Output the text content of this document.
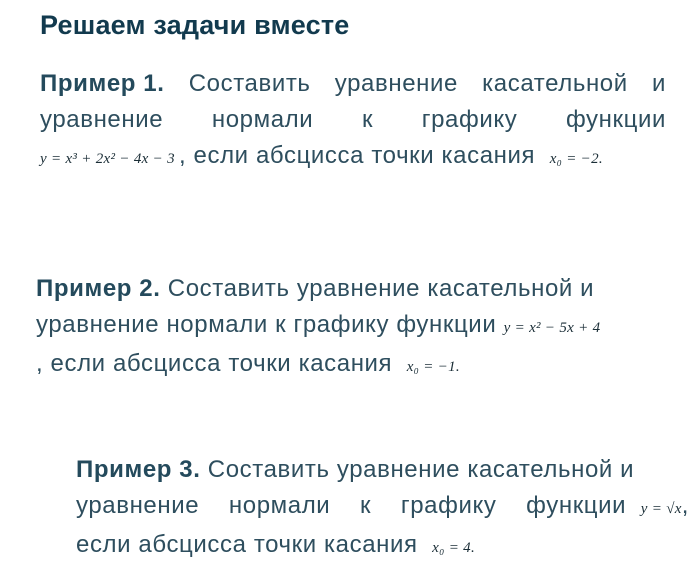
Решаем задачи вместе
Пример 1. Составить уравнение касательной и
уравнение нормали к графику функции
y = x³ + 2x² − 4x − 3 , если абсцисса точки касания x₀ = −2.
Пример 2. Составить уравнение касательной и
уравнение нормали к графику функции y = x² − 5x + 4
, если абсцисса точки касания x₀ = −1.
Пример 3. Составить уравнение касательной и
уравнение нормали к графику функции y = √x,
если абсцисса точки касания x₀ = 4.
